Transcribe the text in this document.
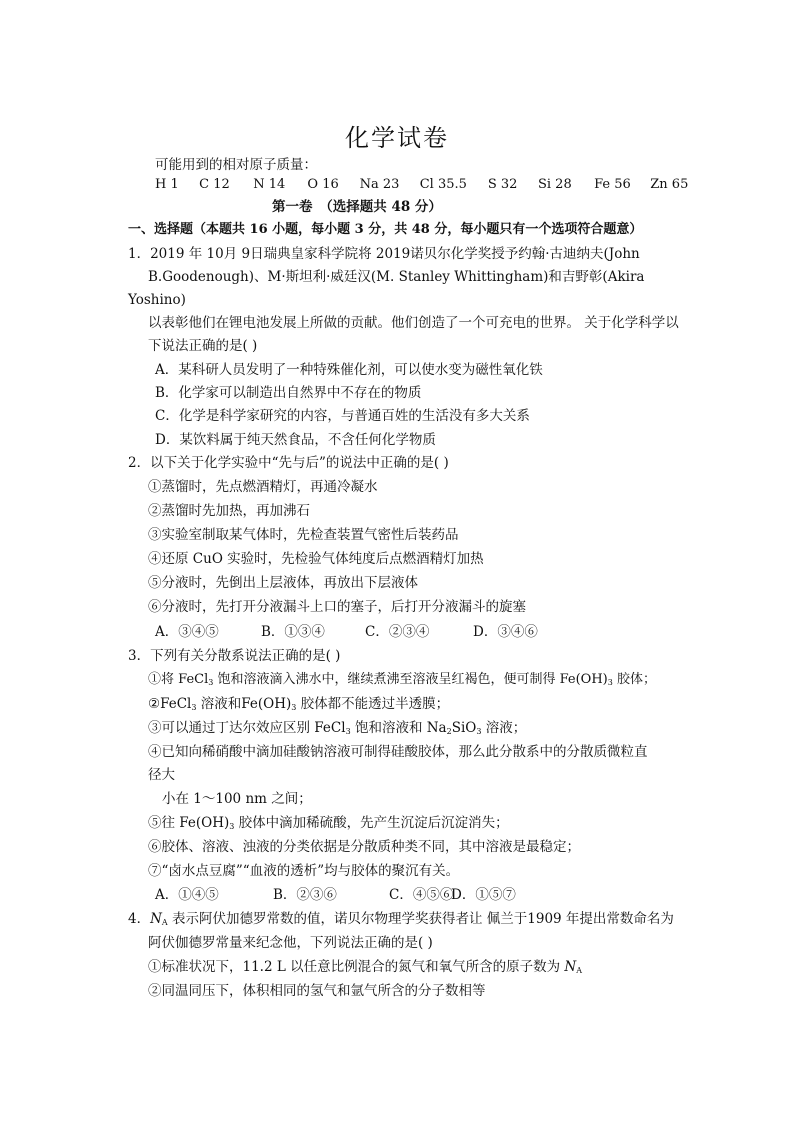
化学试卷
可能用到的相对原子质量：
H 1 C 12 N 14 O 16 Na 23 Cl 35.5 S 32 Si 28 Fe 56 Zn 65
第一卷　（选择题共 48 分）
一、选择题（本题共 16 小题，每小题 3 分，共 48 分，每小题只有一个选项符合题意）
1．2019 年 10月 9日瑞典皇家科学院将 2019诺贝尔化学奖授予约翰·古迪纳夫(John
B.Goodenough)、M·斯坦利·威廷汉(M. Stanley Whittingham)和吉野彰(Akira
Yoshino)
以表彰他们在锂电池发展上所做的贡献。他们创造了一个可充电的世界。 关于化学科学以
下说法正确的是( )
A．某科研人员发明了一种特殊催化剂，可以使水变为磁性氧化铁
B．化学家可以制造出自然界中不存在的物质
C．化学是科学家研究的内容，与普通百姓的生活没有多大关系
D．某饮料属于纯天然食品，不含任何化学物质
2．以下关于化学实验中“先与后”的说法中正确的是( )
①蒸馏时，先点燃酒精灯，再通冷凝水
②蒸馏时先加热，再加沸石
③实验室制取某气体时，先检查装置气密性后装药品
④还原 CuO 实验时，先检验气体纯度后点燃酒精灯加热
⑤分液时，先倒出上层液体，再放出下层液体
⑥分液时，先打开分液漏斗上口的塞子，后打开分液漏斗的旋塞
A．③④⑤	B．①③④	C．②③④	D．③④⑥
3．下列有关分散系说法正确的是( )
①将 FeCl$_3$ 饱和溶液滴入沸水中，继续煮沸至溶液呈红褐色，便可制得 $Fe(OH)_3$ 胶体；
②FeCl$_3$ 溶液和$Fe(OH)_3$ 胶体都不能透过半透膜；
③可以通过丁达尔效应区别 FeCl$_3$ 饱和溶液和 $Na_2SiO_3$ 溶液；
④已知向稀硝酸中滴加硅酸钠溶液可制得硅酸胶体，那么此分散系中的分散质微粒直
径大
小在 1～100 nm 之间；
⑤往 $Fe(OH)_3$ 胶体中滴加稀硫酸，先产生沉淀后沉淀消失；
⑥胶体、溶液、浊液的分类依据是分散质种类不同，其中溶液是最稳定；
⑦“卤水点豆腐”“血液的透析”均与胶体的聚沉有关。
A．①④⑤	B．②③⑥	C．④⑤⑥D．①⑤⑦
4．$N_A$ 表示阿伏加德罗常数的值，诺贝尔物理学奖获得者让 佩兰于1909 年提出常数命名为
阿伏伽德罗常量来纪念他，下列说法正确的是( )
①标准状况下，11.2 L 以任意比例混合的氮气和氧气所含的原子数为 $N_A$
②同温同压下，体积相同的氢气和氩气所含的分子数相等
